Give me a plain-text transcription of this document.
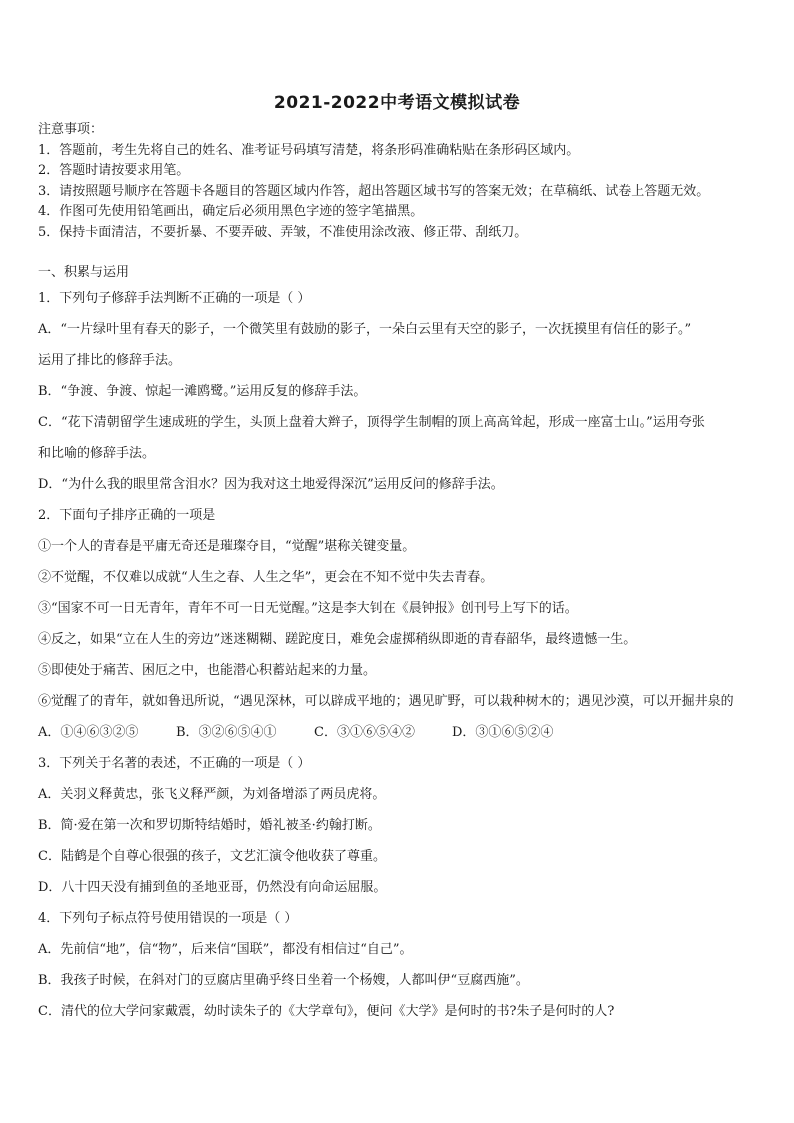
2021-2022中考语文模拟试卷
注意事项：
1．答题前，考生先将自己的姓名、准考证号码填写清楚，将条形码准确粘贴在条形码区域内。
2．答题时请按要求用笔。
3．请按照题号顺序在答题卡各题目的答题区域内作答，超出答题区域书写的答案无效；在草稿纸、试卷上答题无效。
4．作图可先使用铅笔画出，确定后必须用黑色字迹的签字笔描黑。
5．保持卡面清洁，不要折暴、不要弄破、弄皱，不准使用涂改液、修正带、刮纸刀。
一、积累与运用
1．下列句子修辞手法判断不正确的一项是（ ）
A．“一片绿叶里有春天的影子，一个微笑里有鼓励的影子，一朵白云里有天空的影子，一次抚摸里有信任的影子。”
运用了排比的修辞手法。
B．“争渡、争渡、惊起一滩鸥鹭。”运用反复的修辞手法。
C．“花下清朝留学生速成班的学生，头顶上盘着大辫子，顶得学生制帽的顶上高高耸起，形成一座富士山。”运用夸张
和比喻的修辞手法。
D．“为什么我的眼里常含泪水？因为我对这土地爱得深沉”运用反问的修辞手法。
2．下面句子排序正确的一项是
①一个人的青春是平庸无奇还是璀璨夺目，“觉醒”堪称关键变量。
②不觉醒，不仅难以成就“人生之春、人生之华”，更会在不知不觉中失去青春。
③“国家不可一日无青年，青年不可一日无觉醒。”这是李大钊在《晨钟报》创刊号上写下的话。
④反之，如果“立在人生的旁边”迷迷糊糊、蹉跎度日，难免会虚掷稍纵即逝的青春韶华，最终遗憾一生。
⑤即使处于痛苦、困厄之中，也能潜心积蓄站起来的力量。
⑥觉醒了的青年，就如鲁迅所说，“遇见深林，可以辟成平地的；遇见旷野，可以栽种树木的；遇见沙漠，可以开掘井泉的
A．①④⑥③②⑤	B．③②⑥⑤④①	C．③①⑥⑤④②	D．③①⑥⑤②④
3．下列关于名著的表述，不正确的一项是（ ）
A．关羽义释黄忠，张飞义释严颜，为刘备增添了两员虎将。
B．简·爱在第一次和罗切斯特结婚时，婚礼被圣·约翰打断。
C．陆鹤是个自尊心很强的孩子，文艺汇演令他收获了尊重。
D．八十四天没有捕到鱼的圣地亚哥，仍然没有向命运屈服。
4．下列句子标点符号使用错误的一项是（ ）
A．先前信“地”，信“物”，后来信“国联”，都没有相信过“自己”。
B．我孩子时候，在斜对门的豆腐店里确乎终日坐着一个杨嫂，人都叫伊“豆腐西施”。
C．清代的位大学问家戴震，幼时读朱子的《大学章句》，便问《大学》是何时的书?朱子是何时的人?
